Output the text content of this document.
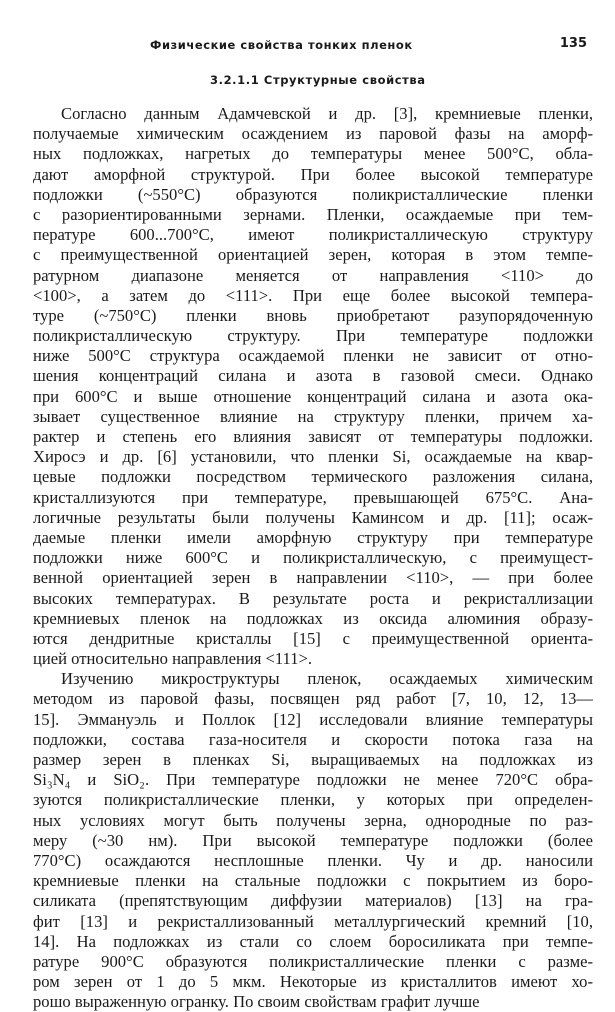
Физические свойства тонких пленок	135
3.2.1.1 Структурные свойства
Согласно данным Адамчевской и др. [3], кремниевые пленки,
получаемые химическим осаждением из паровой фазы на аморф-
ных подложках, нагретых до температуры менее 500°C, обла-
дают аморфной структурой. При более высокой температуре
подложки (~550°C) образуются поликристаллические пленки
с разориентированными зернами. Пленки, осаждаемые при тем-
пературе 600...700°C, имеют поликристаллическую структуру
с преимущественной ориентацией зерен, которая в этом темпе-
ратурном диапазоне меняется от направления <110> до
<100>, а затем до <111>. При еще более высокой темпера-
туре (~750°C) пленки вновь приобретают разупорядоченную
поликристаллическую структуру. При температуре подложки
ниже 500°C структура осаждаемой пленки не зависит от отно-
шения концентраций силана и азота в газовой смеси. Однако
при 600°C и выше отношение концентраций силана и азота ока-
зывает существенное влияние на структуру пленки, причем ха-
рактер и степень его влияния зависят от температуры подложки.
Хиросэ и др. [6] установили, что пленки Si, осаждаемые на квар-
цевые подложки посредством термического разложения силана,
кристаллизуются при температуре, превышающей 675°C. Ана-
логичные результаты были получены Каминсом и др. [11]; осаж-
даемые пленки имели аморфную структуру при температуре
подложки ниже 600°C и поликристаллическую, с преимущест-
венной ориентацией зерен в направлении <110>, — при более
высоких температурах. В результате роста и рекристаллизации
кремниевых пленок на подложках из оксида алюминия образу-
ются дендритные кристаллы [15] с преимущественной ориента-
цией относительно направления <111>.
Изучению микроструктуры пленок, осаждаемых химическим
методом из паровой фазы, посвящен ряд работ [7, 10, 12, 13—
15]. Эммануэль и Поллок [12] исследовали влияние температуры
подложки, состава газа-носителя и скорости потока газа на
размер зерен в пленках Si, выращиваемых на подложках из
Si₃N₄ и SiO₂. При температуре подложки не менее 720°C обра-
зуются поликристаллические пленки, у которых при определен-
ных условиях могут быть получены зерна, однородные по раз-
меру (~30 нм). При высокой температуре подложки (более
770°C) осаждаются несплошные пленки. Чу и др. наносили
кремниевые пленки на стальные подложки с покрытием из боро-
силиката (препятствующим диффузии материалов) [13] на гра-
фит [13] и рекристаллизованный металлургический кремний [10,
14]. На подложках из стали со слоем боросиликата при темпе-
ратуре 900°C образуются поликристаллические пленки с разме-
ром зерен от 1 до 5 мкм. Некоторые из кристаллитов имеют хо-
рошо выраженную огранку. По своим свойствам графит лучше
